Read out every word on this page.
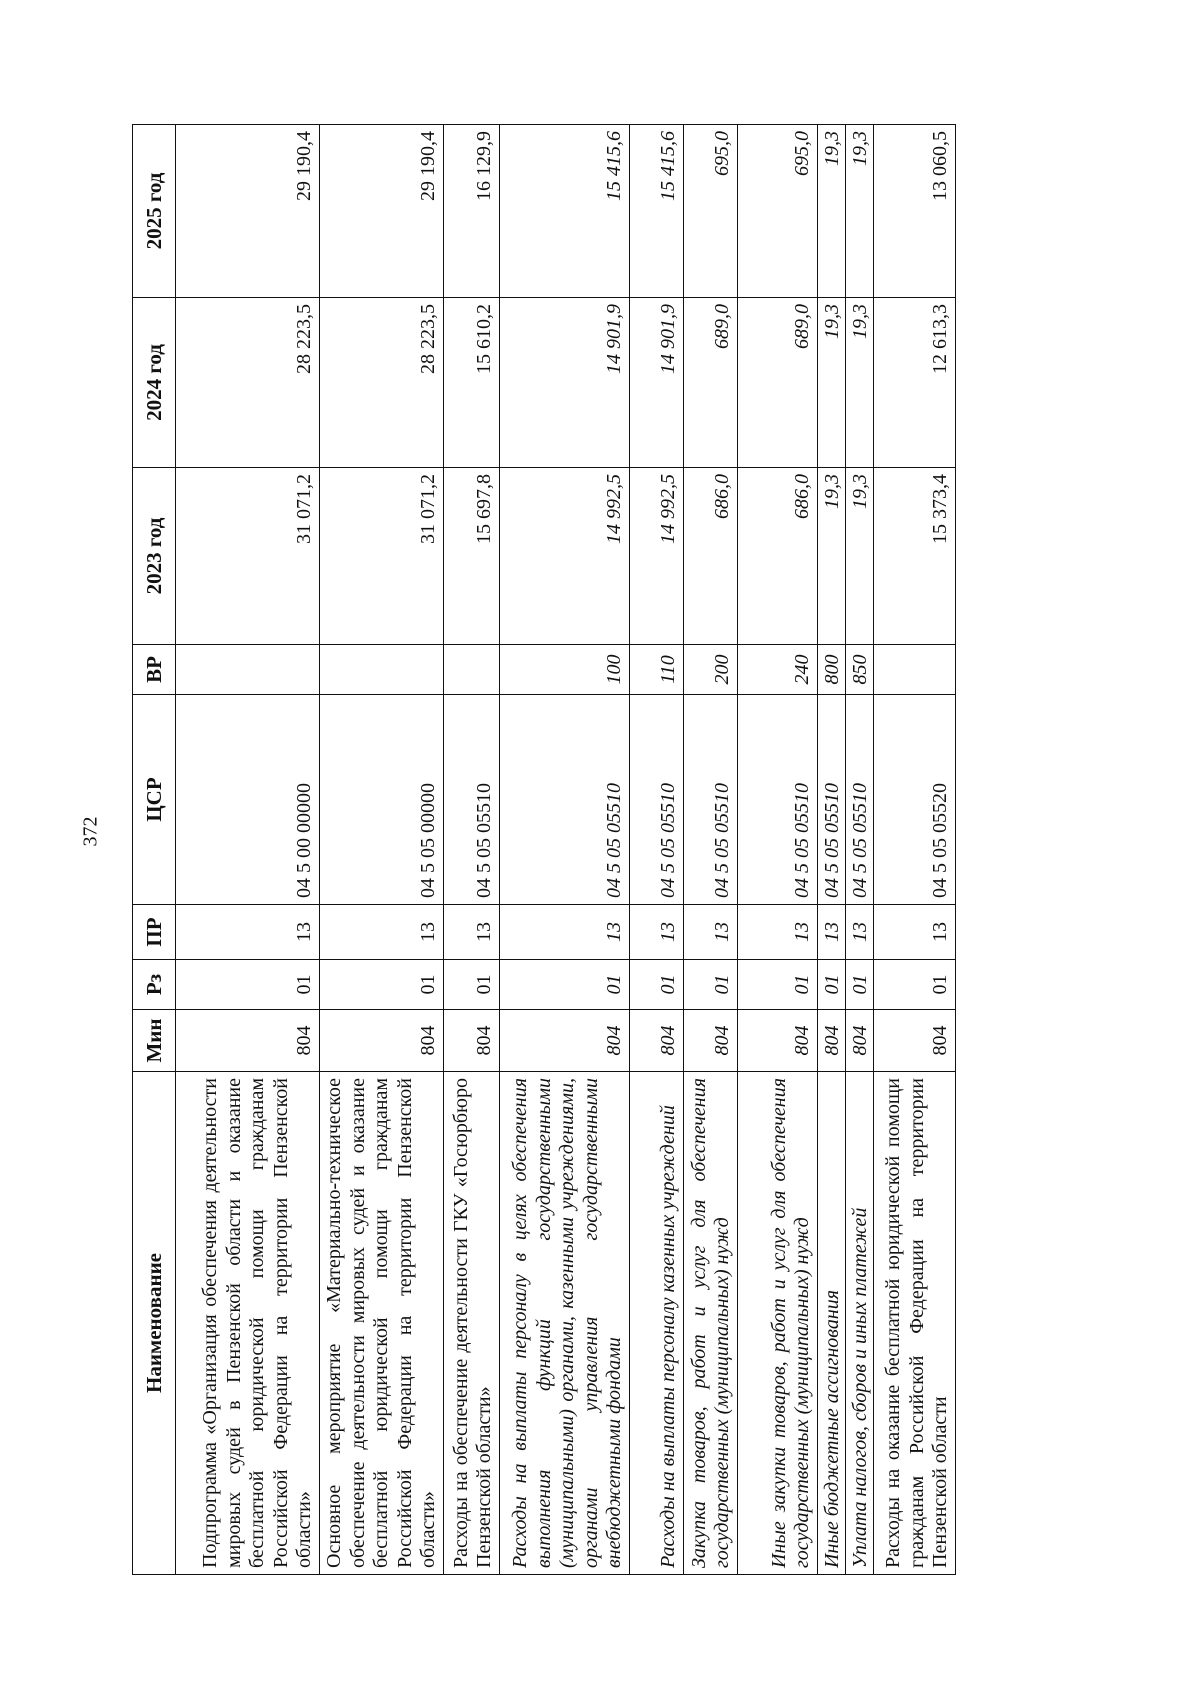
372
Наименование	Мин	Рз	ПР	ЦСР	ВР	2023 год	2024 год	2025 год
Подпрограмма «Организация обеспечения деятельности мировых судей в Пензенской области и оказание бесплатной юридической помощи гражданам Российской Федерации на территории Пензенской области»	804	01	13	04 5 00 00000		31 071,2	28 223,5	29 190,4
Основное мероприятие «Материально-техническое обеспечение деятельности мировых судей и оказание бесплатной юридической помощи гражданам Российской Федерации на территории Пензенской области»	804	01	13	04 5 05 00000		31 071,2	28 223,5	29 190,4
Расходы на обеспечение деятельности ГКУ «Госюрбюро Пензенской области»	804	01	13	04 5 05 05510		15 697,8	15 610,2	16 129,9
Расходы на выплаты персоналу в целях обеспечения выполнения функций государственными (муниципальными) органами, казенными учреждениями, органами управления государственными внебюджетными фондами	804	01	13	04 5 05 05510	100	14 992,5	14 901,9	15 415,6
Расходы на выплаты персоналу казенных учреждений	804	01	13	04 5 05 05510	110	14 992,5	14 901,9	15 415,6
Закупка товаров, работ и услуг для обеспечения государственных (муниципальных) нужд	804	01	13	04 5 05 05510	200	686,0	689,0	695,0
Иные закупки товаров, работ и услуг для обеспечения государственных (муниципальных) нужд	804	01	13	04 5 05 05510	240	686,0	689,0	695,0
Иные бюджетные ассигнования	804	01	13	04 5 05 05510	800	19,3	19,3	19,3
Уплата налогов, сборов и иных платежей	804	01	13	04 5 05 05510	850	19,3	19,3	19,3
Расходы на оказание бесплатной юридической помощи гражданам Российской Федерации на территории Пензенской области	804	01	13	04 5 05 05520		15 373,4	12 613,3	13 060,5
